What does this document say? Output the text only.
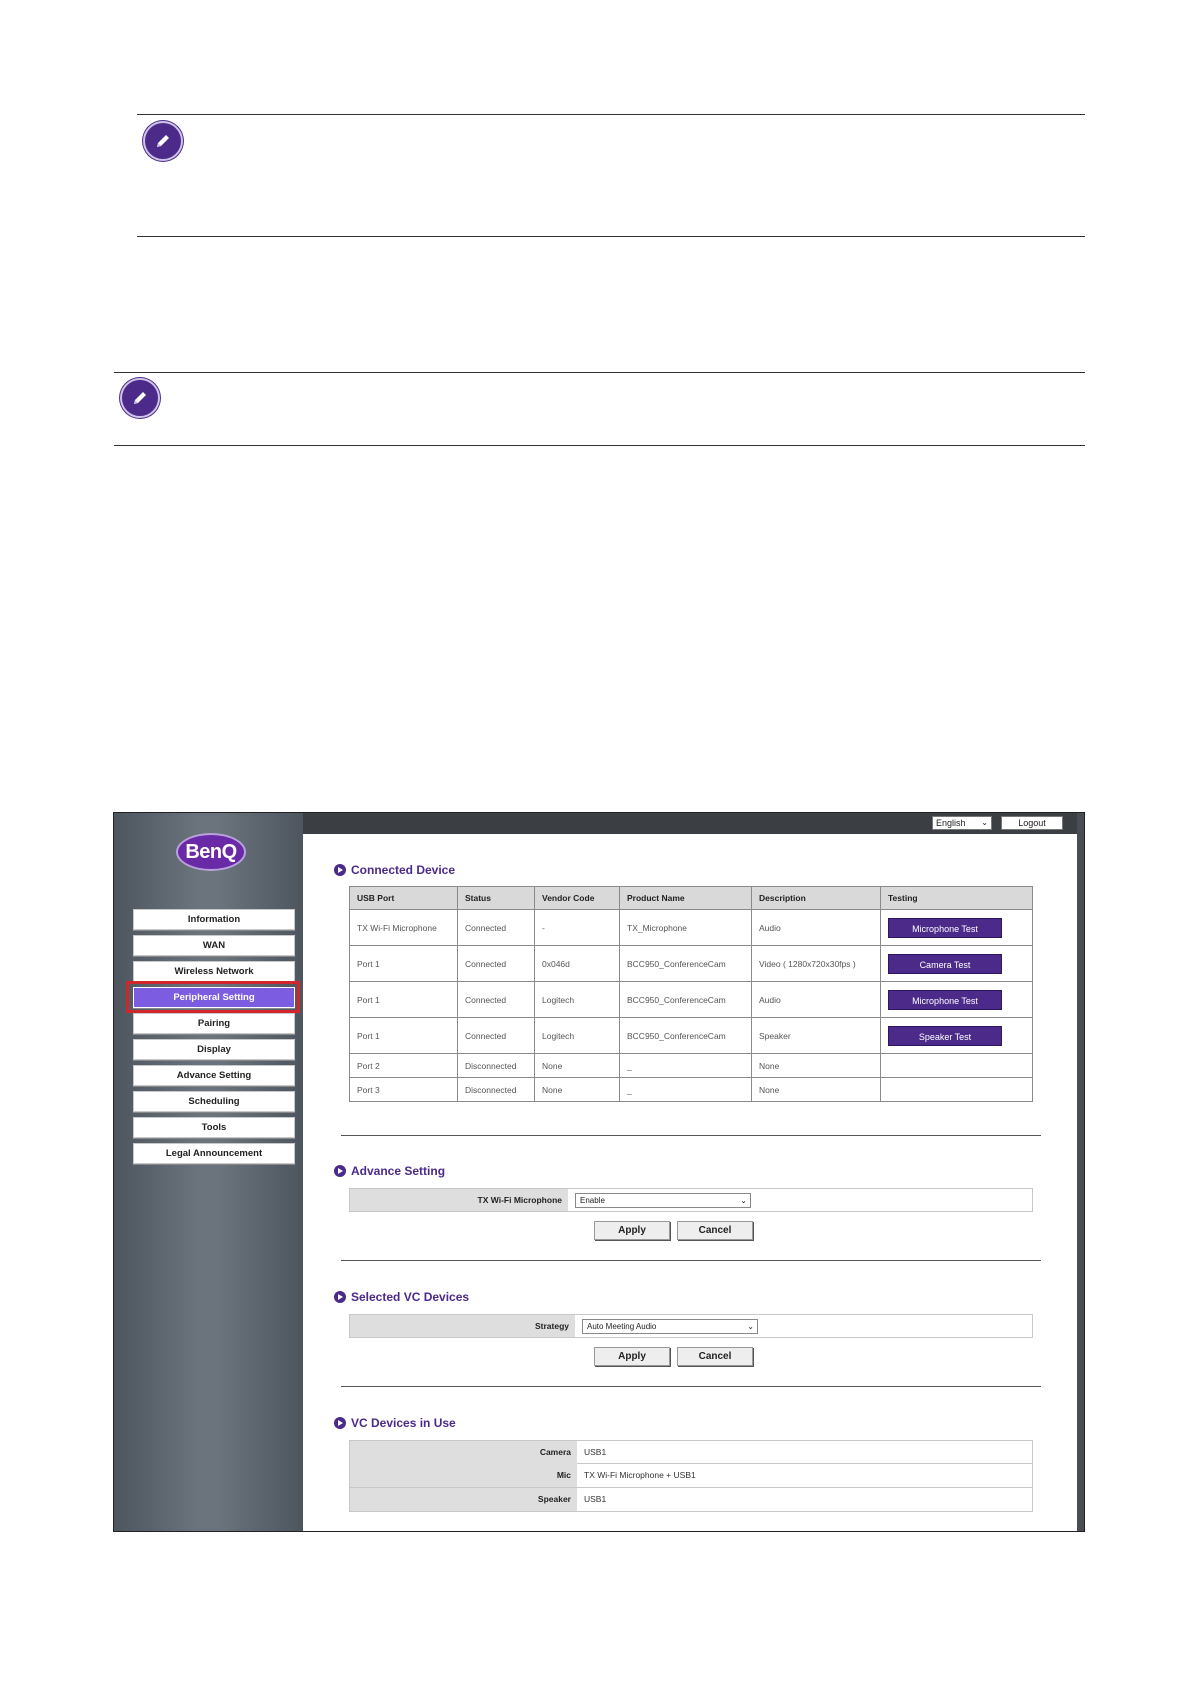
BenQ
Information
WAN
Wireless Network
Peripheral Setting
Pairing
Display
Advance Setting
Scheduling
Tools
Legal Announcement
English ⌄	Logout
Connected Device
USB Port	Status	Vendor Code	Product Name	Description	Testing
TX Wi-Fi Microphone	Connected	-	TX_Microphone	Audio	Microphone Test
Port 1	Connected	0x046d	BCC950_ConferenceCam	Video ( 1280x720x30fps )	Camera Test
Port 1	Connected	Logitech	BCC950_ConferenceCam	Audio	Microphone Test
Port 1	Connected	Logitech	BCC950_ConferenceCam	Speaker	Speaker Test
Port 2	Disconnected	None	_	None	
Port 3	Disconnected	None	_	None	
Advance Setting
TX Wi-Fi Microphone	Enable	⌄
Apply	Cancel
Selected VC Devices
Strategy	Auto Meeting Audio	⌄
Apply	Cancel
VC Devices in Use
Camera	USB1
Mic	TX Wi-Fi Microphone + USB1
Speaker	USB1
